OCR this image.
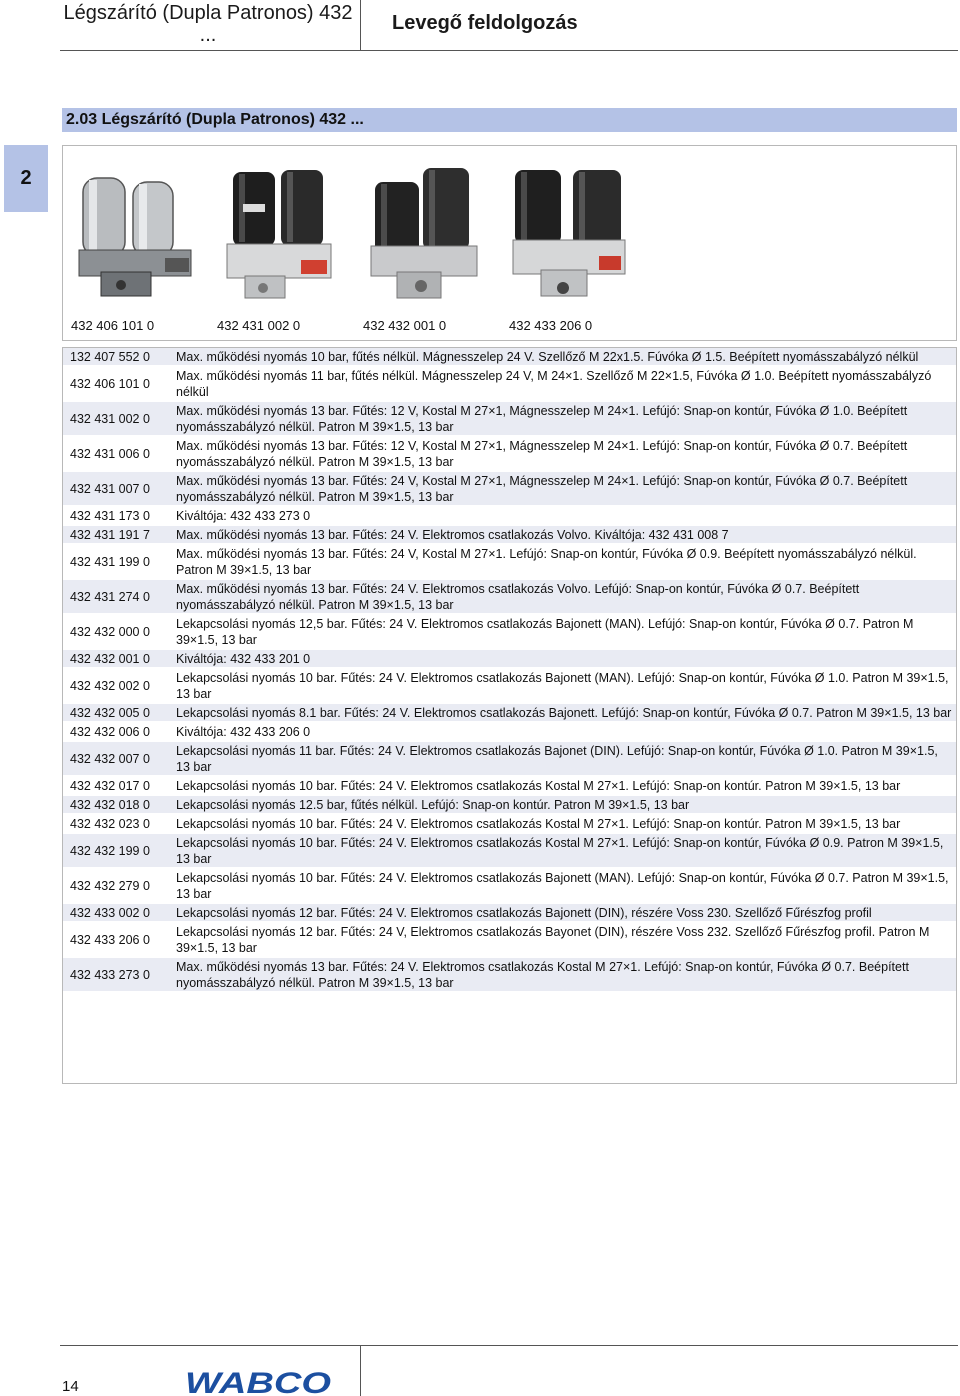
Légszárító (Dupla Patronos) 432 ...
Levegő feldolgozás
2.03 Légszárító (Dupla Patronos) 432 ...
2
432 406 101 0	432 431 002 0	432 432 001 0	432 433 206 0
132 407 552 0	Max. működési nyomás 10 bar, fűtés nélkül. Mágnesszelep 24 V. Szellőző M 22x1.5. Fúvóka Ø 1.5. Beépített nyomásszabályzó nélkül
432 406 101 0	Max. működési nyomás 11 bar, fűtés nélkül. Mágnesszelep 24 V, M 24×1. Szellőző M 22×1.5, Fúvóka Ø 1.0. Beépített nyomásszabályzó nélkül
432 431 002 0	Max. működési nyomás 13 bar. Fűtés: 12 V, Kostal M 27×1, Mágnesszelep M 24×1. Lefújó: Snap-on kontúr, Fúvóka Ø 1.0. Beépített nyomásszabályzó nélkül. Patron M 39×1.5, 13 bar
432 431 006 0	Max. működési nyomás 13 bar. Fűtés: 12 V, Kostal M 27×1, Mágnesszelep M 24×1. Lefújó: Snap-on kontúr, Fúvóka Ø 0.7. Beépített nyomásszabályzó nélkül. Patron M 39×1.5, 13 bar
432 431 007 0	Max. működési nyomás 13 bar. Fűtés: 24 V, Kostal M 27×1, Mágnesszelep M 24×1. Lefújó: Snap-on kontúr, Fúvóka Ø 0.7. Beépített nyomásszabályzó nélkül. Patron M 39×1.5, 13 bar
432 431 173 0	Kiváltója: 432 433 273 0
432 431 191 7	Max. működési nyomás 13 bar. Fűtés: 24 V. Elektromos csatlakozás Volvo. Kiváltója: 432 431 008 7
432 431 199 0	Max. működési nyomás 13 bar. Fűtés: 24 V, Kostal M 27×1. Lefújó: Snap-on kontúr, Fúvóka Ø 0.9. Beépített nyomásszabályzó nélkül. Patron M 39×1.5, 13 bar
432 431 274 0	Max. működési nyomás 13 bar. Fűtés: 24 V. Elektromos csatlakozás Volvo. Lefújó: Snap-on kontúr, Fúvóka Ø 0.7. Beépített nyomásszabályzó nélkül. Patron M 39×1.5, 13 bar
432 432 000 0	Lekapcsolási nyomás 12,5 bar. Fűtés: 24 V. Elektromos csatlakozás Bajonett (MAN). Lefújó: Snap-on kontúr, Fúvóka Ø 0.7. Patron M 39×1.5, 13 bar
432 432 001 0	Kiváltója: 432 433 201 0
432 432 002 0	Lekapcsolási nyomás 10 bar. Fűtés: 24 V. Elektromos csatlakozás Bajonett (MAN). Lefújó: Snap-on kontúr, Fúvóka Ø 1.0. Patron M 39×1.5, 13 bar
432 432 005 0	Lekapcsolási nyomás 8.1 bar. Fűtés: 24 V. Elektromos csatlakozás Bajonett. Lefújó: Snap-on kontúr, Fúvóka Ø 0.7. Patron M 39×1.5, 13 bar
432 432 006 0	Kiváltója: 432 433 206 0
432 432 007 0	Lekapcsolási nyomás 11 bar. Fűtés: 24 V. Elektromos csatlakozás Bajonet (DIN). Lefújó: Snap-on kontúr, Fúvóka Ø 1.0. Patron M 39×1.5, 13 bar
432 432 017 0	Lekapcsolási nyomás 10 bar. Fűtés: 24 V. Elektromos csatlakozás Kostal M 27×1. Lefújó: Snap-on kontúr. Patron M 39×1.5, 13 bar
432 432 018 0	Lekapcsolási nyomás 12.5 bar, fűtés nélkül. Lefújó: Snap-on kontúr. Patron M 39×1.5, 13 bar
432 432 023 0	Lekapcsolási nyomás 10 bar. Fűtés: 24 V. Elektromos csatlakozás Kostal M 27×1. Lefújó: Snap-on kontúr. Patron M 39×1.5, 13 bar
432 432 199 0	Lekapcsolási nyomás 10 bar. Fűtés: 24 V. Elektromos csatlakozás Kostal M 27×1. Lefújó: Snap-on kontúr, Fúvóka Ø 0.9. Patron M 39×1.5, 13 bar
432 432 279 0	Lekapcsolási nyomás 10 bar. Fűtés: 24 V. Elektromos csatlakozás Bajonett (MAN). Lefújó: Snap-on kontúr, Fúvóka Ø 0.7. Patron M 39×1.5, 13 bar
432 433 002 0	Lekapcsolási nyomás 12 bar. Fűtés: 24 V. Elektromos csatlakozás Bajonett (DIN), részére Voss 230. Szellőző Fűrészfog profil
432 433 206 0	Lekapcsolási nyomás 12 bar. Fűtés: 24 V, Elektromos csatlakozás Bayonet (DIN), részére Voss 232. Szellőző Fűrészfog profil. Patron M 39×1.5, 13 bar
432 433 273 0	Max. működési nyomás 13 bar. Fűtés: 24 V. Elektromos csatlakozás Kostal M 27×1. Lefújó: Snap-on kontúr, Fúvóka Ø 0.7. Beépített nyomásszabályzó nélkül. Patron M 39×1.5, 13 bar
14	WABCO
